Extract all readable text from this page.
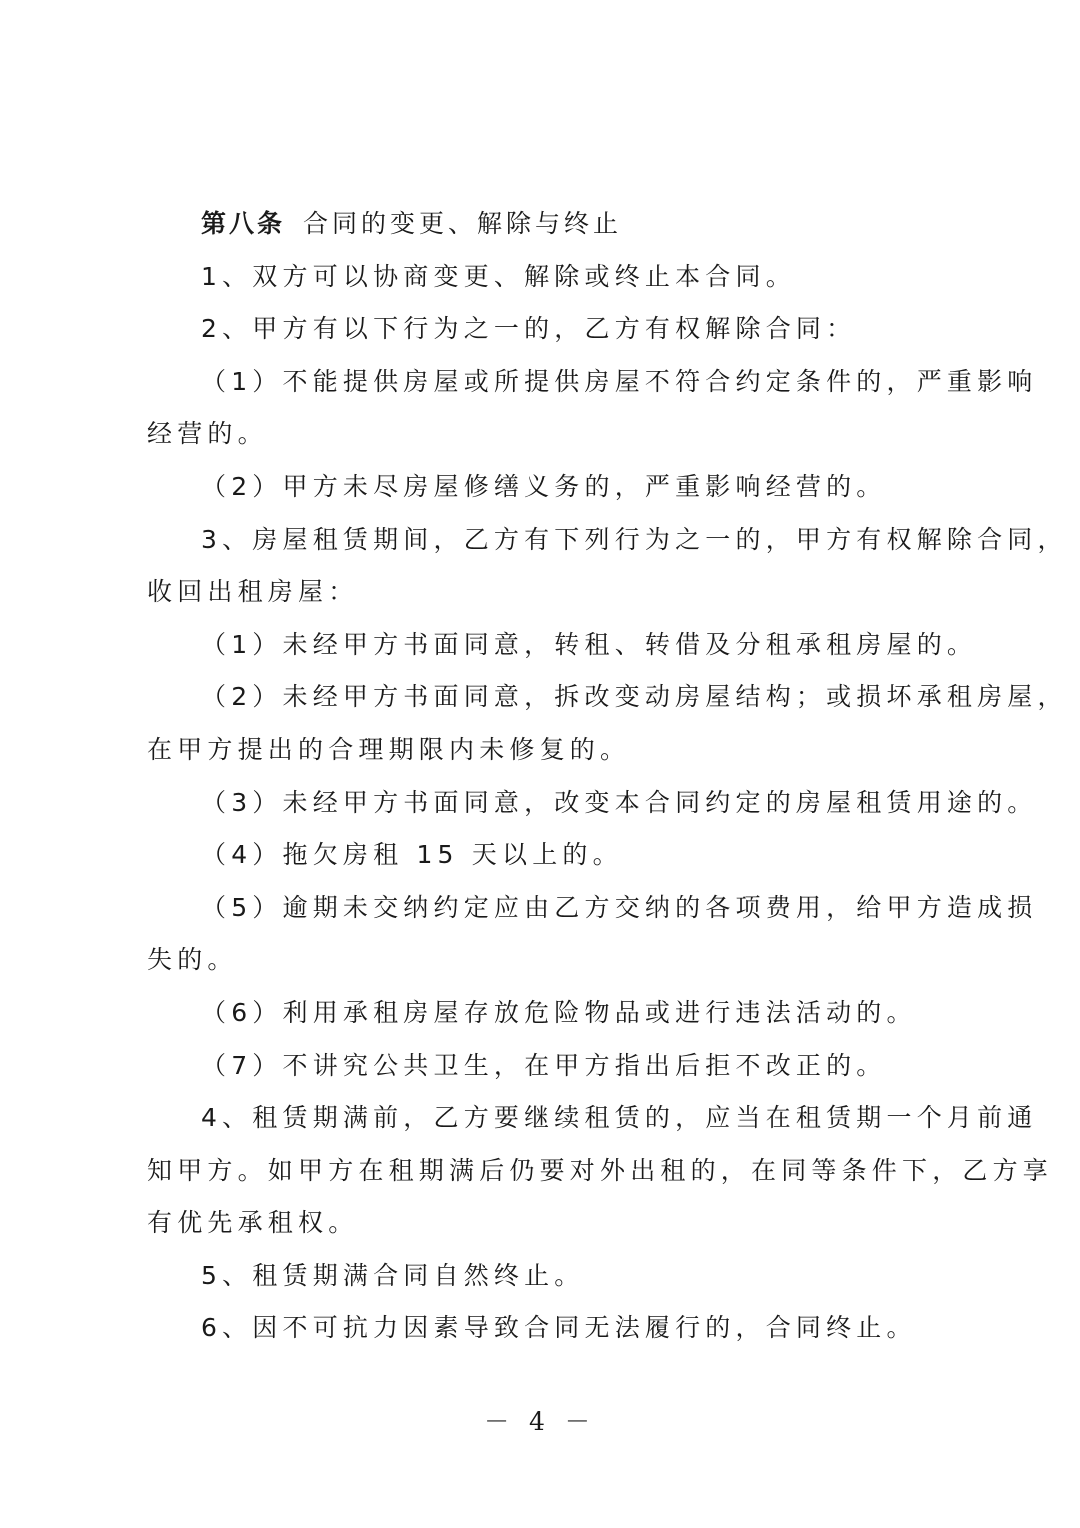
第八条 合同的变更、解除与终止
1、双方可以协商变更、解除或终止本合同。
2、甲方有以下行为之一的，乙方有权解除合同：
（1）不能提供房屋或所提供房屋不符合约定条件的，严重影响
经营的。
（2）甲方未尽房屋修缮义务的，严重影响经营的。
3、房屋租赁期间，乙方有下列行为之一的，甲方有权解除合同，
收回出租房屋：
（1）未经甲方书面同意，转租、转借及分租承租房屋的。
（2）未经甲方书面同意，拆改变动房屋结构；或损坏承租房屋，
在甲方提出的合理期限内未修复的。
（3）未经甲方书面同意，改变本合同约定的房屋租赁用途的。
（4）拖欠房租 15 天以上的。
（5）逾期未交纳约定应由乙方交纳的各项费用，给甲方造成损
失的。
（6）利用承租房屋存放危险物品或进行违法活动的。
（7）不讲究公共卫生，在甲方指出后拒不改正的。
4、租赁期满前，乙方要继续租赁的，应当在租赁期一个月前通
知甲方。如甲方在租期满后仍要对外出租的，在同等条件下，乙方享
有优先承租权。
5、租赁期满合同自然终止。
6、因不可抗力因素导致合同无法履行的，合同终止。
－ 4 －
